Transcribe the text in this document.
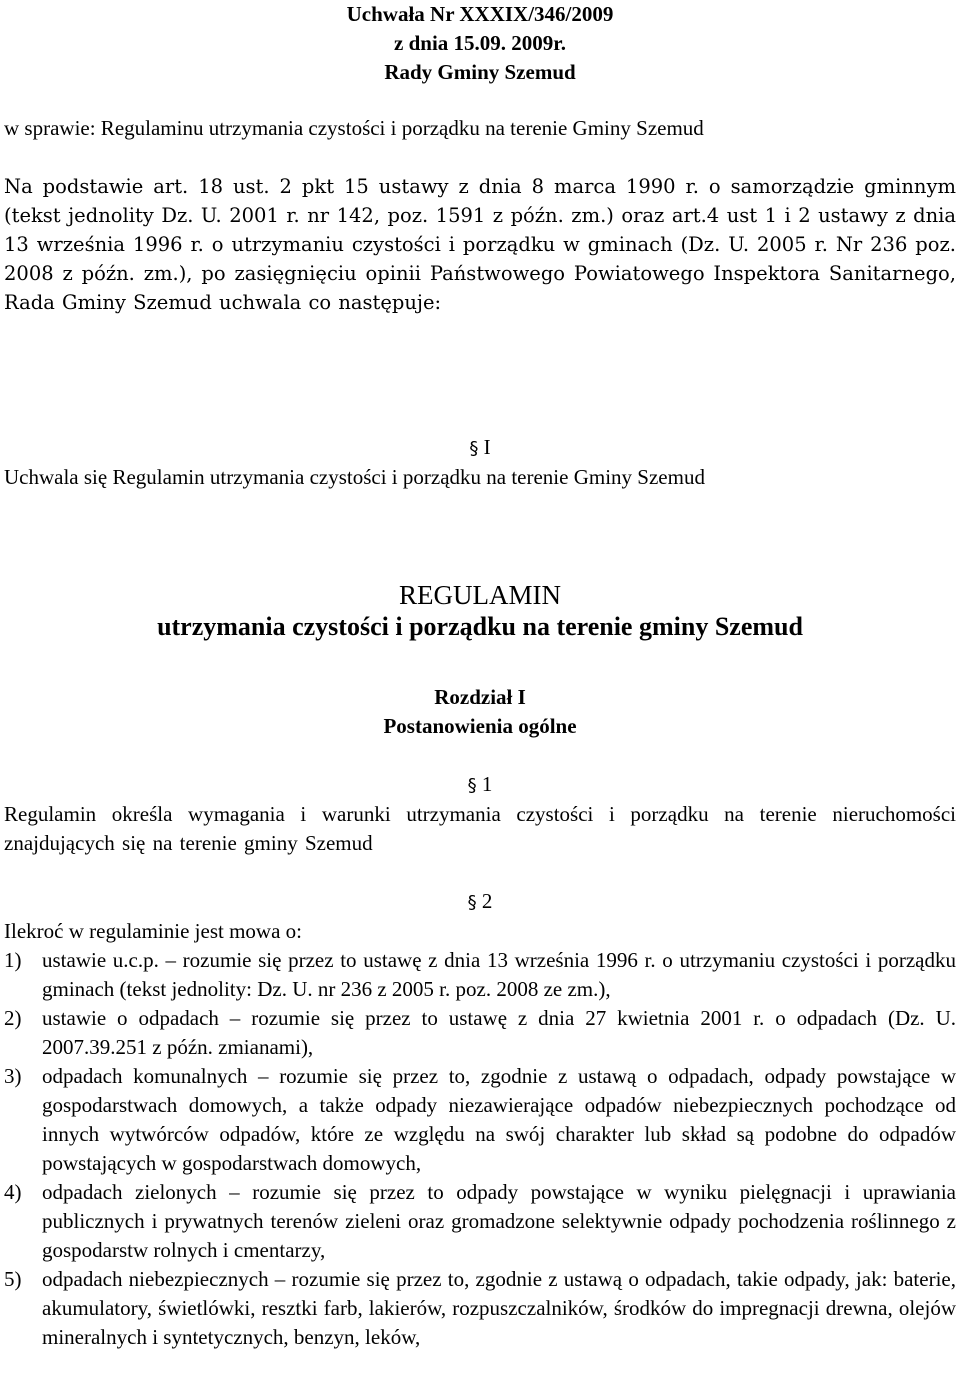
Uchwała Nr XXXIX/346/2009
z dnia 15.09. 2009r.
Rady Gminy Szemud
w sprawie: Regulaminu utrzymania czystości i porządku na terenie Gminy Szemud
Na podstawie art. 18 ust. 2 pkt 15 ustawy z dnia 8 marca 1990 r. o samorządzie gminnym (tekst jednolity Dz. U. 2001 r. nr 142, poz. 1591 z późn. zm.) oraz art.4 ust 1 i 2 ustawy z dnia 13 września 1996 r. o utrzymaniu czystości i porządku w gminach (Dz. U. 2005 r. Nr 236 poz. 2008 z późn. zm.), po zasięgnięciu opinii Państwowego Powiatowego Inspektora Sanitarnego, Rada Gminy Szemud uchwala co następuje:
§ I
Uchwala się Regulamin utrzymania czystości i porządku na terenie Gminy Szemud
REGULAMIN
utrzymania czystości i porządku na terenie gminy Szemud
Rozdział I
Postanowienia ogólne
§ 1
Regulamin określa wymagania i warunki utrzymania czystości i porządku na terenie nieruchomości znajdujących się na terenie gminy Szemud
§ 2
Ilekroć w regulaminie jest mowa o:
1) ustawie u.c.p. – rozumie się przez to ustawę z dnia 13 września 1996 r. o utrzymaniu czystości i porządku gminach (tekst jednolity: Dz. U. nr 236 z 2005 r. poz. 2008 ze zm.),
2) ustawie o odpadach – rozumie się przez to ustawę z dnia 27 kwietnia 2001 r. o odpadach (Dz. U. 2007.39.251 z późn. zmianami),
3) odpadach komunalnych – rozumie się przez to, zgodnie z ustawą o odpadach, odpady powstające w gospodarstwach domowych, a także odpady niezawierające odpadów niebezpiecznych pochodzące od innych wytwórców odpadów, które ze względu na swój charakter lub skład są podobne do odpadów powstających w gospodarstwach domowych,
4) odpadach zielonych – rozumie się przez to odpady powstające w wyniku pielęgnacji i uprawiania publicznych i prywatnych terenów zieleni oraz gromadzone selektywnie odpady pochodzenia roślinnego z gospodarstw rolnych i cmentarzy,
5) odpadach niebezpiecznych – rozumie się przez to, zgodnie z ustawą o odpadach, takie odpady, jak: baterie, akumulatory, świetlówki, resztki farb, lakierów, rozpuszczalników, środków do impregnacji drewna, olejów mineralnych i syntetycznych, benzyn, leków,
